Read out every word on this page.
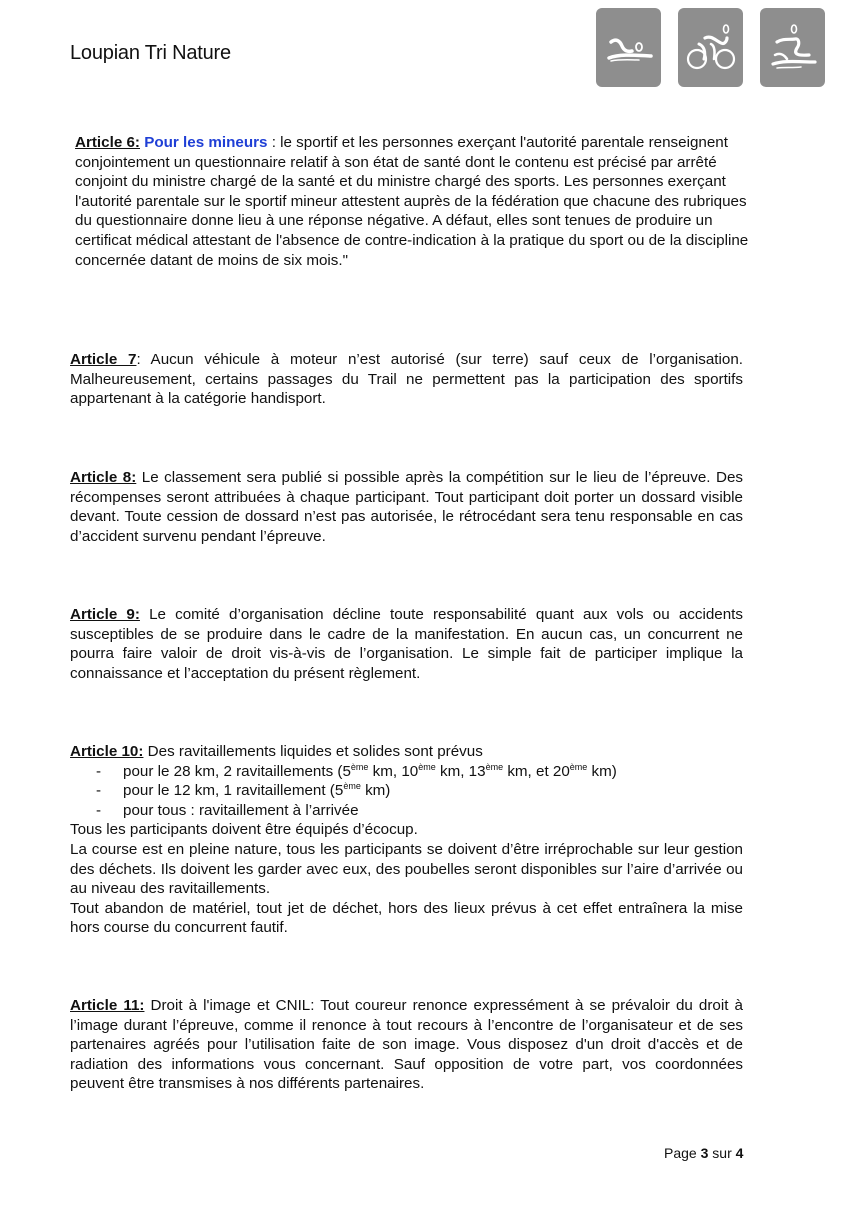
Loupian Tri Nature

Article 6: Pour les mineurs : le sportif et les personnes exerçant l'autorité parentale renseignent conjointement un questionnaire relatif à son état de santé dont le contenu est précisé par arrêté conjoint du ministre chargé de la santé et du ministre chargé des sports. Les personnes exerçant l'autorité parentale sur le sportif mineur attestent auprès de la fédération que chacune des rubriques du questionnaire donne lieu à une réponse négative. A défaut, elles sont tenues de produire un certificat médical attestant de l'absence de contre-indication à la pratique du sport ou de la discipline concernée datant de moins de six mois."

Article 7: Aucun véhicule à moteur n’est autorisé (sur terre) sauf ceux de l’organisation. Malheureusement, certains passages du Trail ne permettent pas la participation des sportifs appartenant à la catégorie handisport.

Article 8: Le classement sera publié si possible après la compétition sur le lieu de l’épreuve. Des récompenses seront attribuées à chaque participant. Tout participant doit porter un dossard visible devant. Toute cession de dossard n’est pas autorisée, le rétrocédant sera tenu responsable en cas d’accident survenu pendant l’épreuve.

Article 9: Le comité d’organisation décline toute responsabilité quant aux vols ou accidents susceptibles de se produire dans le cadre de la manifestation. En aucun cas, un concurrent ne pourra faire valoir de droit vis-à-vis de l’organisation. Le simple fait de participer implique la connaissance et l’acceptation du présent règlement.

Article 10: Des ravitaillements liquides et solides sont prévus

- pour le 28 km, 2 ravitaillements (5ème km, 10ème km, 13ème km, et 20ème km)
- pour le 12 km, 1 ravitaillement (5ème km)
- pour tous : ravitaillement à l’arrivée

Tous les participants doivent être équipés d’écocup.

La course est en pleine nature, tous les participants se doivent d’être irréprochable sur leur gestion des déchets. Ils doivent les garder avec eux, des poubelles seront disponibles sur l’aire d’arrivée ou au niveau des ravitaillements.

Tout abandon de matériel, tout jet de déchet, hors des lieux prévus à cet effet entraînera la mise hors course du concurrent fautif.

Article 11: Droit à l'image et CNIL: Tout coureur renonce expressément à se prévaloir du droit à l’image durant l’épreuve, comme il renonce à tout recours à l’encontre de l’organisateur et de ses partenaires agréés pour l’utilisation faite de son image. Vous disposez d'un droit d'accès et de radiation des informations vous concernant. Sauf opposition de votre part, vos coordonnées peuvent être transmises à nos différents partenaires.

Page 3 sur 4
